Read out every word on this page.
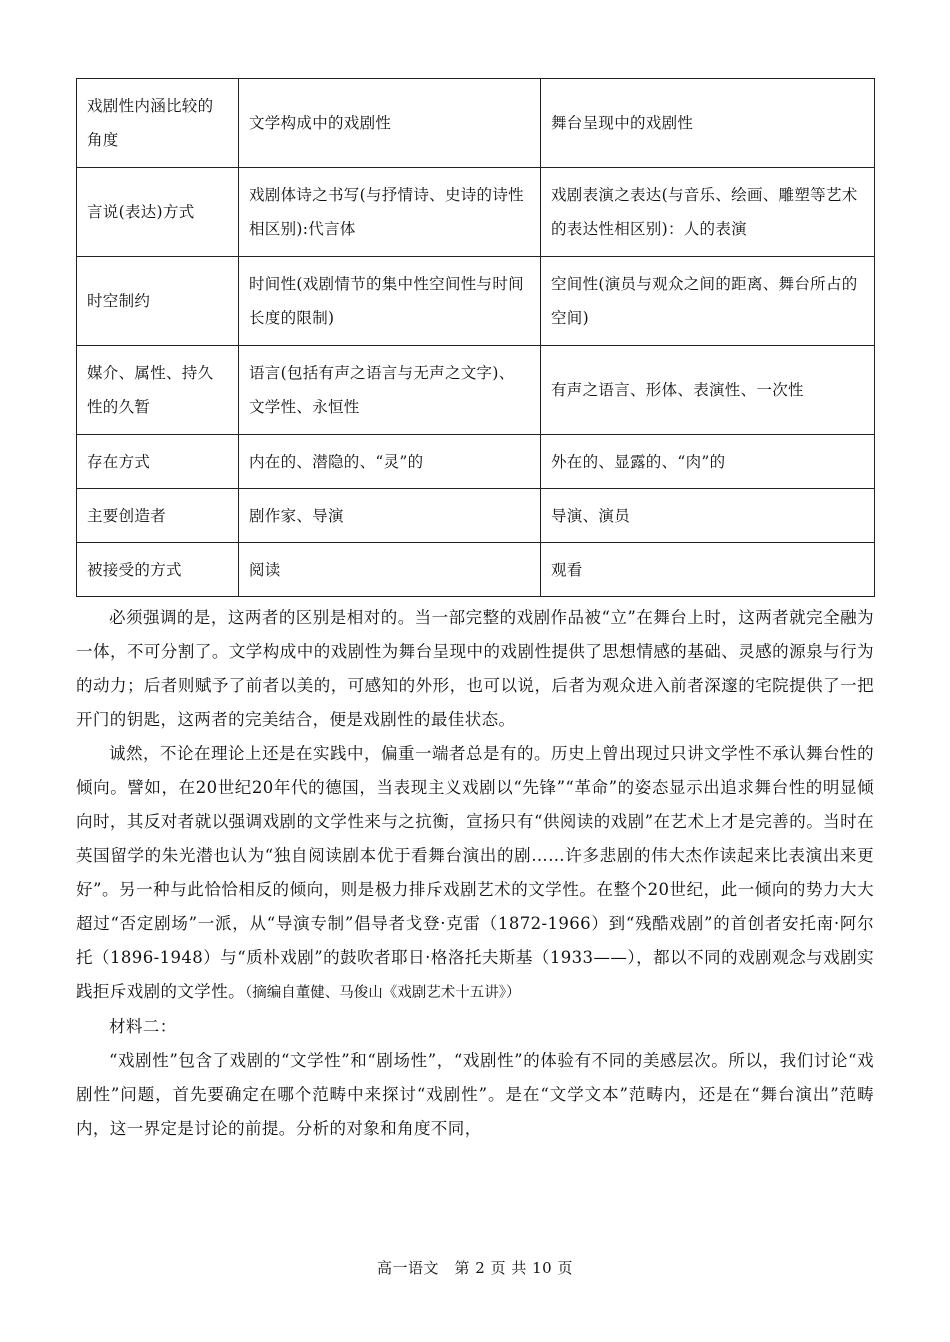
戏剧性内涵比较的角度	文学构成中的戏剧性	舞台呈现中的戏剧性
言说(表达)方式	戏剧体诗之书写(与抒情诗、史诗的诗性相区别):代言体	戏剧表演之表达(与音乐、绘画、雕塑等艺术的表达性相区别)：人的表演
时空制约	时间性(戏剧情节的集中性空间性与时间长度的限制)	空间性(演员与观众之间的距离、舞台所占的空间)
媒介、属性、持久性的久暂	语言(包括有声之语言与无声之文字)、文学性、永恒性	有声之语言、形体、表演性、一次性
存在方式	内在的、潜隐的、“灵”的	外在的、显露的、“肉”的
主要创造者	剧作家、导演	导演、演员
被接受的方式	阅读	观看

必须强调的是，这两者的区别是相对的。当一部完整的戏剧作品被“立”在舞台上时，这两者就完全融为一体，不可分割了。文学构成中的戏剧性为舞台呈现中的戏剧性提供了思想情感的基础、灵感的源泉与行为的动力；后者则赋予了前者以美的，可感知的外形，也可以说，后者为观众进入前者深邃的宅院提供了一把开门的钥匙，这两者的完美结合，便是戏剧性的最佳状态。

诚然，不论在理论上还是在实践中，偏重一端者总是有的。历史上曾出现过只讲文学性不承认舞台性的倾向。譬如，在20世纪20年代的德国，当表现主义戏剧以“先锋”“革命”的姿态显示出追求舞台性的明显倾向时，其反对者就以强调戏剧的文学性来与之抗衡，宣扬只有“供阅读的戏剧”在艺术上才是完善的。当时在英国留学的朱光潜也认为“独自阅读剧本优于看舞台演出的剧……许多悲剧的伟大杰作读起来比表演出来更好”。另一种与此恰恰相反的倾向，则是极力排斥戏剧艺术的文学性。在整个20世纪，此一倾向的势力大大超过“否定剧场”一派，从“导演专制”倡导者戈登·克雷（1872-1966）到“残酷戏剧”的首创者安托南·阿尔托（1896-1948）与“质朴戏剧”的鼓吹者耶日·格洛托夫斯基（1933——），都以不同的戏剧观念与戏剧实践拒斥戏剧的文学性。（摘编自董健、马俊山《戏剧艺术十五讲》）

材料二：

“戏剧性”包含了戏剧的“文学性”和“剧场性”，“戏剧性”的体验有不同的美感层次。所以，我们讨论“戏剧性”问题，首先要确定在哪个范畴中来探讨“戏剧性”。是在“文学文本”范畴内，还是在“舞台演出”范畴内，这一界定是讨论的前提。分析的对象和角度不同，

高一语文　第 2 页 共 10 页
